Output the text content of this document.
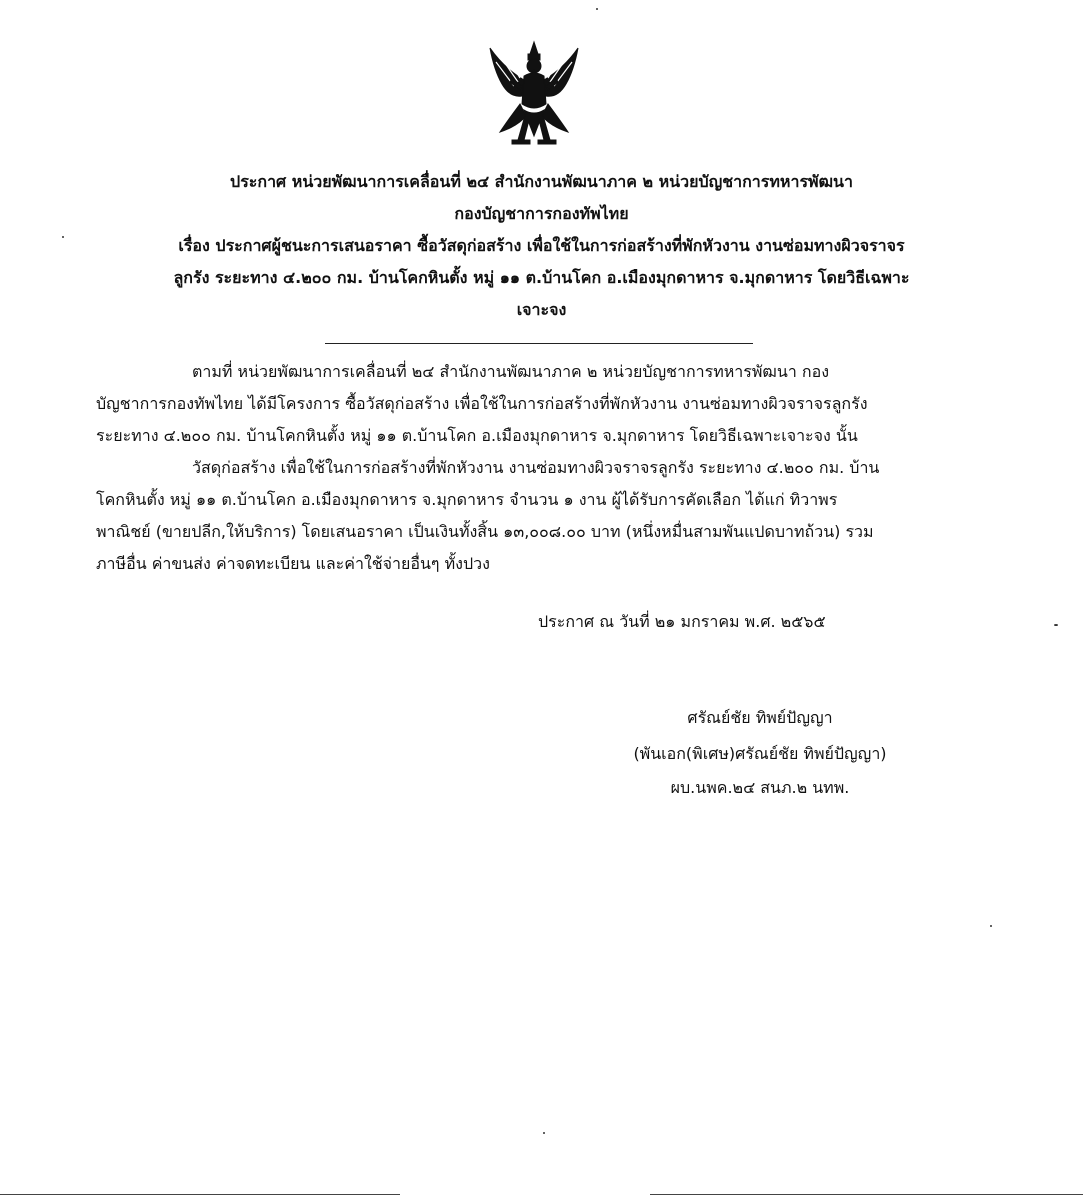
ประกาศ หน่วยพัฒนาการเคลื่อนที่ ๒๔ สำนักงานพัฒนาภาค ๒ หน่วยบัญชาการทหารพัฒนา
กองบัญชาการกองทัพไทย
เรื่อง ประกาศผู้ชนะการเสนอราคา ซื้อวัสดุก่อสร้าง เพื่อใช้ในการก่อสร้างที่พักหัวงาน งานซ่อมทางผิวจราจร
ลูกรัง ระยะทาง ๔.๒๐๐ กม. บ้านโคกหินตั้ง หมู่ ๑๑ ต.บ้านโคก อ.เมืองมุกดาหาร จ.มุกดาหาร โดยวิธีเฉพาะ
เจาะจง
ตามที่ หน่วยพัฒนาการเคลื่อนที่ ๒๔ สำนักงานพัฒนาภาค ๒ หน่วยบัญชาการทหารพัฒนา กอง
บัญชาการกองทัพไทย ได้มีโครงการ ซื้อวัสดุก่อสร้าง เพื่อใช้ในการก่อสร้างที่พักหัวงาน งานซ่อมทางผิวจราจรลูกรัง
ระยะทาง ๔.๒๐๐ กม. บ้านโคกหินตั้ง หมู่ ๑๑ ต.บ้านโคก อ.เมืองมุกดาหาร จ.มุกดาหาร โดยวิธีเฉพาะเจาะจง นั้น
วัสดุก่อสร้าง เพื่อใช้ในการก่อสร้างที่พักหัวงาน งานซ่อมทางผิวจราจรลูกรัง ระยะทาง ๔.๒๐๐ กม. บ้าน
โคกหินตั้ง หมู่ ๑๑ ต.บ้านโคก อ.เมืองมุกดาหาร จ.มุกดาหาร จำนวน ๑ งาน ผู้ได้รับการคัดเลือก ได้แก่ ทิวาพร
พาณิชย์ (ขายปลีก,ให้บริการ) โดยเสนอราคา เป็นเงินทั้งสิ้น ๑๓,๐๐๘.๐๐ บาท (หนึ่งหมื่นสามพันแปดบาทถ้วน) รวม
ภาษีอื่น ค่าขนส่ง ค่าจดทะเบียน และค่าใช้จ่ายอื่นๆ ทั้งปวง
ประกาศ ณ วันที่ ๒๑ มกราคม พ.ศ. ๒๕๖๕
ศรัณย์ชัย ทิพย์ปัญญา
(พันเอก(พิเศษ)ศรัณย์ชัย ทิพย์ปัญญา)
ผบ.นพค.๒๔ สนภ.๒ นทพ.
